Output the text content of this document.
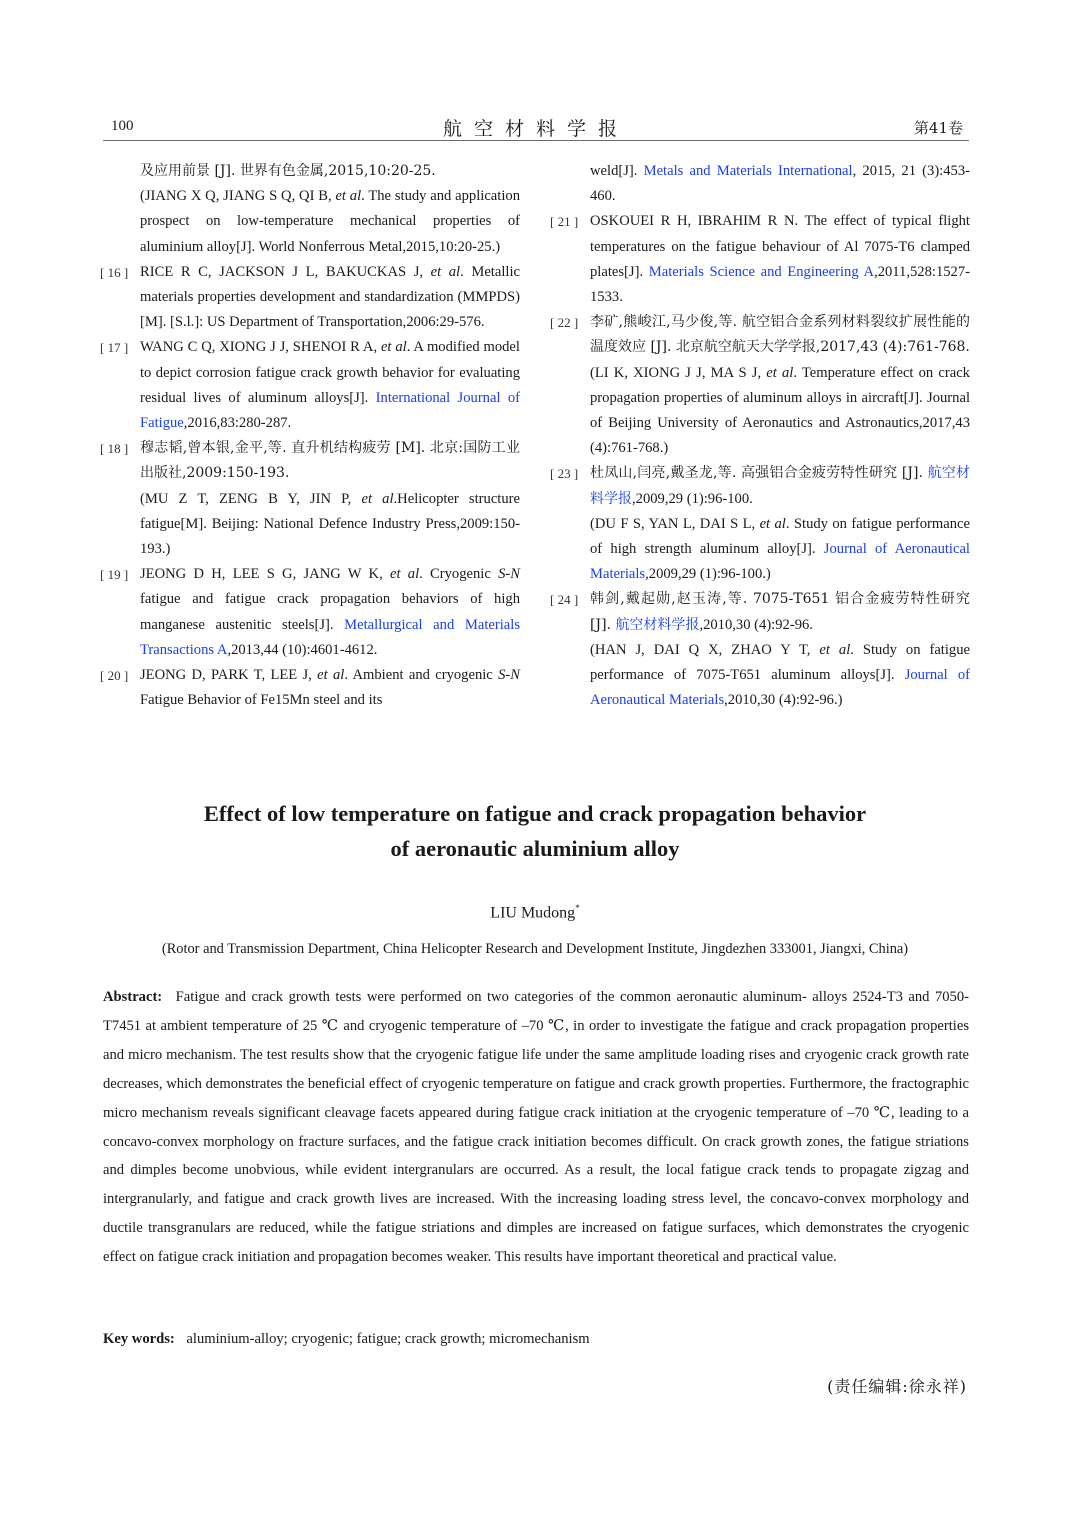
100	航空材料学报	第41卷
及应用前景 [J]. 世界有色金属,2015,10:20-25.
(JIANG X Q, JIANG S Q, QI B, et al. The study and application prospect on low-temperature mechanical properties of aluminium alloy[J]. World Nonferrous Metal,2015,10:20-25.)
[ 16 ] RICE R C, JACKSON J L, BAKUCKAS J, et al. Metallic materials properties development and standardization (MMPDS)[M]. [S.l.]: US Department of Transportation,2006:29-576.
[ 17 ] WANG C Q, XIONG J J, SHENOI R A, et al. A modified model to depict corrosion fatigue crack growth behavior for evaluating residual lives of aluminum alloys[J]. International Journal of Fatigue,2016,83:280-287.
[ 18 ] 穆志韬,曾本银,金平,等. 直升机结构疲劳 [M]. 北京:国防工业出版社,2009:150-193.
(MU Z T, ZENG B Y, JIN P, et al.Helicopter structure fatigue[M]. Beijing: National Defence Industry Press,2009:150-193.)
[ 19 ] JEONG D H, LEE S G, JANG W K, et al. Cryogenic S-N fatigue and fatigue crack propagation behaviors of high manganese austenitic steels[J]. Metallurgical and Materials Transactions A,2013,44 (10):4601-4612.
[ 20 ] JEONG D, PARK T, LEE J, et al. Ambient and cryogenic S-N Fatigue Behavior of Fe15Mn steel and its
weld[J]. Metals and Materials International, 2015, 21 (3):453-460.
[ 21 ] OSKOUEI R H, IBRAHIM R N. The effect of typical flight temperatures on the fatigue behaviour of Al 7075-T6 clamped plates[J]. Materials Science and Engineering A,2011,528:1527-1533.
[ 22 ] 李矿,熊峻江,马少俊,等. 航空铝合金系列材料裂纹扩展性能的温度效应 [J]. 北京航空航天大学学报,2017,43 (4):761-768.
(LI K, XIONG J J, MA S J, et al. Temperature effect on crack propagation properties of aluminum alloys in aircraft[J]. Journal of Beijing University of Aeronautics and Astronautics,2017,43 (4):761-768.)
[ 23 ] 杜凤山,闫亮,戴圣龙,等. 高强铝合金疲劳特性研究 [J]. 航空材料学报,2009,29 (1):96-100.
(DU F S, YAN L, DAI S L, et al. Study on fatigue performance of high strength aluminum alloy[J]. Journal of Aeronautical Materials,2009,29 (1):96-100.)
[ 24 ] 韩剑,戴起勋,赵玉涛,等. 7075-T651 铝合金疲劳特性研究 [J]. 航空材料学报,2010,30 (4):92-96.
(HAN J, DAI Q X, ZHAO Y T, et al. Study on fatigue performance of 7075-T651 aluminum alloys[J]. Journal of Aeronautical Materials,2010,30 (4):92-96.)
Effect of low temperature on fatigue and crack propagation behavior
of aeronautic aluminium alloy
LIU Mudong*
(Rotor and Transmission Department, China Helicopter Research and Development Institute, Jingdezhen 333001, Jiangxi, China)
Abstract: Fatigue and crack growth tests were performed on two categories of the common aeronautic aluminum- alloys 2524-T3 and 7050-T7451 at ambient temperature of 25 ℃ and cryogenic temperature of –70 ℃, in order to investigate the fatigue and crack propagation properties and micro mechanism. The test results show that the cryogenic fatigue life under the same amplitude loading rises and cryogenic crack growth rate decreases, which demonstrates the beneficial effect of cryogenic temperature on fatigue and crack growth properties. Furthermore, the fractographic micro mechanism reveals significant cleavage facets appeared during fatigue crack initiation at the cryogenic temperature of –70 ℃, leading to a concavo-convex morphology on fracture surfaces, and the fatigue crack initiation becomes difficult. On crack growth zones, the fatigue striations and dimples become unobvious, while evident intergranulars are occurred. As a result, the local fatigue crack tends to propagate zigzag and intergranularly, and fatigue and crack growth lives are increased. With the increasing loading stress level, the concavo-convex morphology and ductile transgranulars are reduced, while the fatigue striations and dimples are increased on fatigue surfaces, which demonstrates the cryogenic effect on fatigue crack initiation and propagation becomes weaker. This results have important theoretical and practical value.
Key words: aluminium-alloy; cryogenic; fatigue; crack growth; micromechanism
(责任编辑:徐永祥)
